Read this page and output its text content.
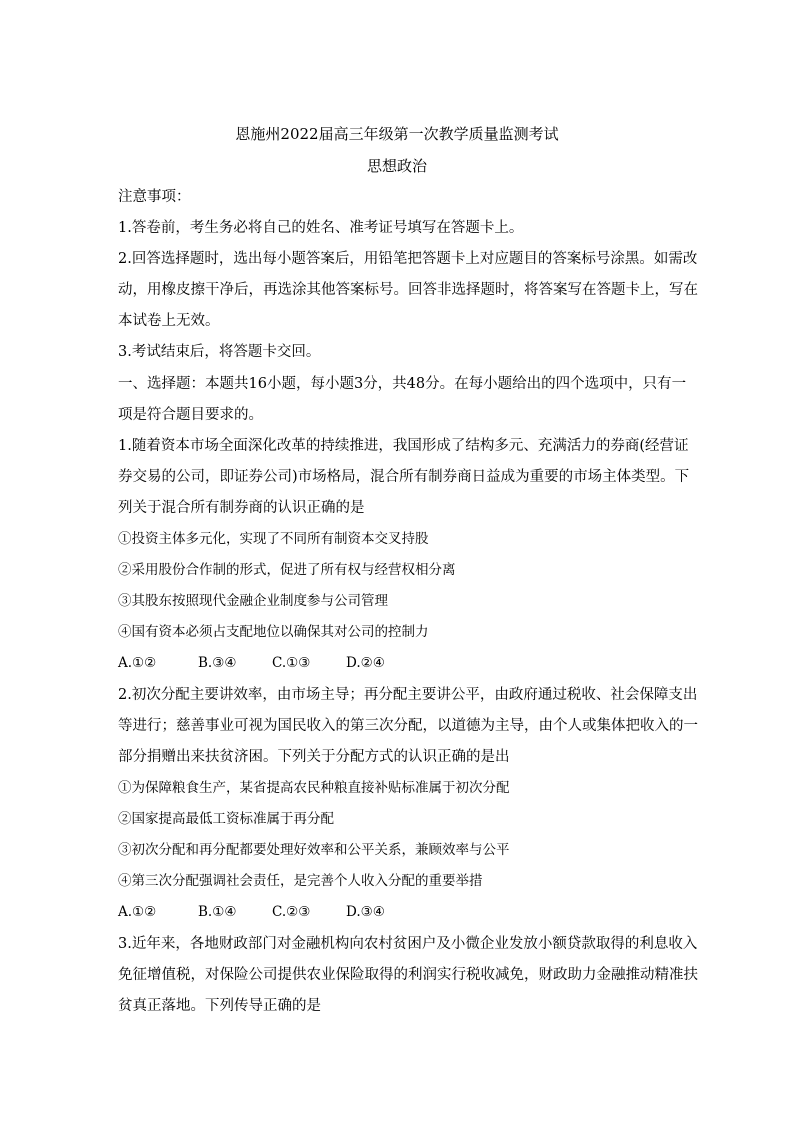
恩施州2022届高三年级第一次教学质量监测考试
思想政治
注意事项：
1.答卷前，考生务必将自己的姓名、准考证号填写在答题卡上。
2.回答选择题时，选出每小题答案后，用铅笔把答题卡上对应题目的答案标号涂黑。如需改
动，用橡皮擦干净后，再选涂其他答案标号。回答非选择题时，将答案写在答题卡上，写在
本试卷上无效。
3.考试结束后，将答题卡交回。
一、选择题：本题共16小题，每小题3分，共48分。在每小题给出的四个选项中，只有一
项是符合题目要求的。
1.随着资本市场全面深化改革的持续推进，我国形成了结构多元、充满活力的券商(经营证
券交易的公司，即证券公司)市场格局，混合所有制券商日益成为重要的市场主体类型。下
列关于混合所有制券商的认识正确的是
①投资主体多元化，实现了不同所有制资本交叉持股
②采用股份合作制的形式，促进了所有权与经营权相分离
③其股东按照现代金融企业制度参与公司管理
④国有资本必须占支配地位以确保其对公司的控制力
A.①②	B.③④	C.①③	D.②④
2.初次分配主要讲效率，由市场主导；再分配主要讲公平，由政府通过税收、社会保障支出
等进行；慈善事业可视为国民收入的第三次分配，以道德为主导，由个人或集体把收入的一
部分捐赠出来扶贫济困。下列关于分配方式的认识正确的是出
①为保障粮食生产，某省提高农民种粮直接补贴标准属于初次分配
②国家提高最低工资标准属于再分配
③初次分配和再分配都要处理好效率和公平关系，兼顾效率与公平
④第三次分配强调社会责任，是完善个人收入分配的重要举措
A.①②	B.①④	C.②③	D.③④
3.近年来，各地财政部门对金融机构向农村贫困户及小微企业发放小额贷款取得的利息收入
免征增值税，对保险公司提供农业保险取得的利润实行税收减免，财政助力金融推动精准扶
贫真正落地。下列传导正确的是
